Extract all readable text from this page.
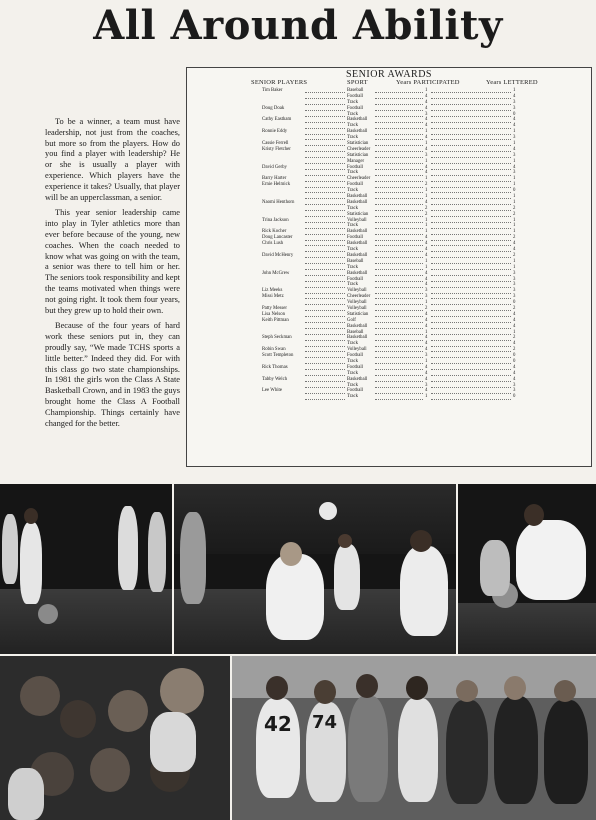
All Around Ability

To be a winner, a team must have leadership, not just from the coaches, but more so from the players. How do you find a player with leadership? He or she is usually a player with experience. Which players have the experience it takes? Usually, that player will be an upperclassman, a senior.

This year senior leadership came into play in Tyler athletics more than ever before because of the young, new coaches. When the coach needed to know what was going on with the team, a senior was there to tell him or her. The seniors took responsibility and kept the teams motivated when things were not going right. It took them four years, but they grew up to hold their own.

Because of the four years of hard work these seniors put in, they can proudly say, “We made TCHS sports a little better.” Indeed they did. For with this class go two state championships. In 1981 the girls won the Class A State Basketball Crown, and in 1983 the guys brought home the Class A Football Championship. Things certainly have changed for the better.

SENIOR AWARDS
SENIOR PLAYERS	SPORT	Years PARTICIPATED	Years LETTERED
Tim Baker	Baseball	1	1
Football	4	4
Track	4	3
Doug Doak	Football	4	3
Track	3	0
Cathy Eastham	Basketball	4	4
Track	4	4
Ronnie Eddy	Basketball	1	1
Track	4	3
Cassie Ferrell	Statistician	1	1
Kristy Fletcher	Cheerleader	4	4
Statistician	3	3
Manager	1	1
David Gerby	Football	4	4
Track	4	3
Barry Harter	Cheerleader	1	1
Ernie Helmick	Football	2	1
Track	1	0
Basketball	1	1
Naomi Henthorn	Basketball	4	1
Track	2	2
Statistician	2	2
Trina Jackson	Volleyball	1	1
Track	1	1
Rick Kocher	Basketball	1	1
Doug Lancaster	Football	4	2
Chris Lush	Basketball	4	4
Track	4	4
David McHenry	Basketball	4	2
Baseball	1	1
Track	1	1
John McGrew	Basketball	4	3
Football	4	3
Track	4	3
Liz Meeks	Volleyball	3	3
Missi Metz	Cheerleader	3	3
Volleyball	1	0
Patty Messer	Volleyball	2	2
Lisa Nelson	Statistician	4	4
Keith Pittman	Golf	4	4
Basketball	4	4
Baseball	1	1
Steph Seckman	Basketball	4	2
Track	4	4
Robin Swan	Volleyball	4	2
Scott Templeton	Football	3	0
Track	1	0
Rick Thomas	Football	4	4
Track	4	4
Tabby Welch	Basketball	4	4
Track	3	3
Lee White	Football	4	3
Track	1	0
42 74
